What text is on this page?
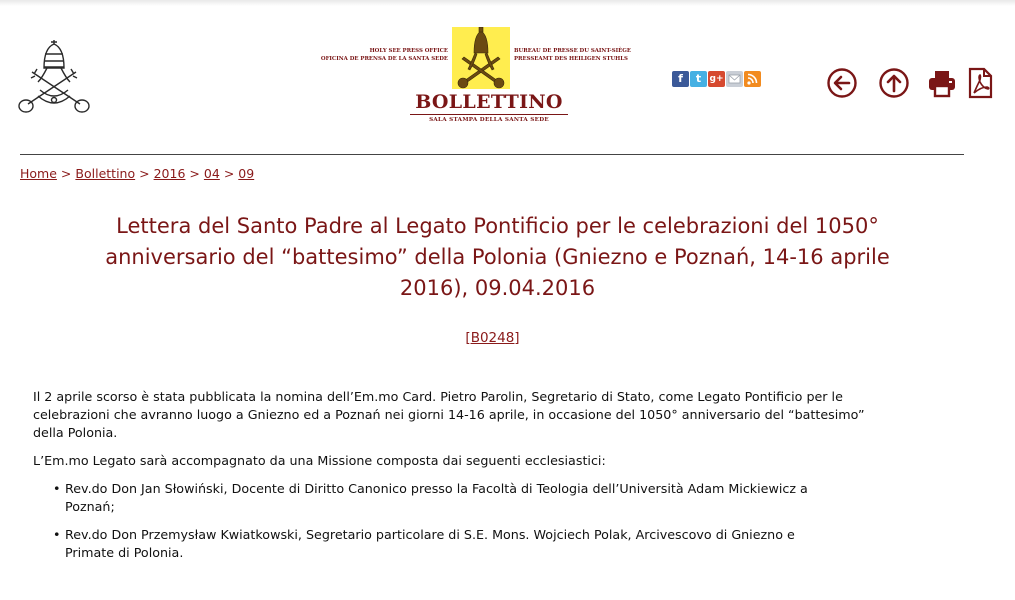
HOLY SEE PRESS OFFICE
OFICINA DE PRENSA DE LA SANTA SEDE
BUREAU DE PRESSE DU SAINT-SIÈGE
PRESSEAMT DES HEILIGEN STUHLS
BOLLETTINO
SALA STAMPA DELLA SANTA SEDE
f	t g+
Home > Bollettino > 2016 > 04 > 09
Lettera del Santo Padre al Legato Pontificio per le celebrazioni del 1050°
anniversario del “battesimo” della Polonia (Gniezno e Poznań, 14-16 aprile
2016), 09.04.2016
[B0248]

Il 2 aprile scorso è stata pubblicata la nomina dell’Em.mo Card. Pietro Parolin, Segretario di Stato, come Legato Pontificio per le
celebrazioni che avranno luogo a Gniezno ed a Poznań nei giorni 14-16 aprile, in occasione del 1050° anniversario del “battesimo”
della Polonia.

L’Em.mo Legato sarà accompagnato da una Missione composta dai seguenti ecclesiastici:

• Rev.do Don Jan Słowiński, Docente di Diritto Canonico presso la Facoltà di Teologia dell’Università Adam Mickiewicz a
Poznań;
• Rev.do Don Przemysław Kwiatkowski, Segretario particolare di S.E. Mons. Wojciech Polak, Arcivescovo di Gniezno e
Primate di Polonia.
